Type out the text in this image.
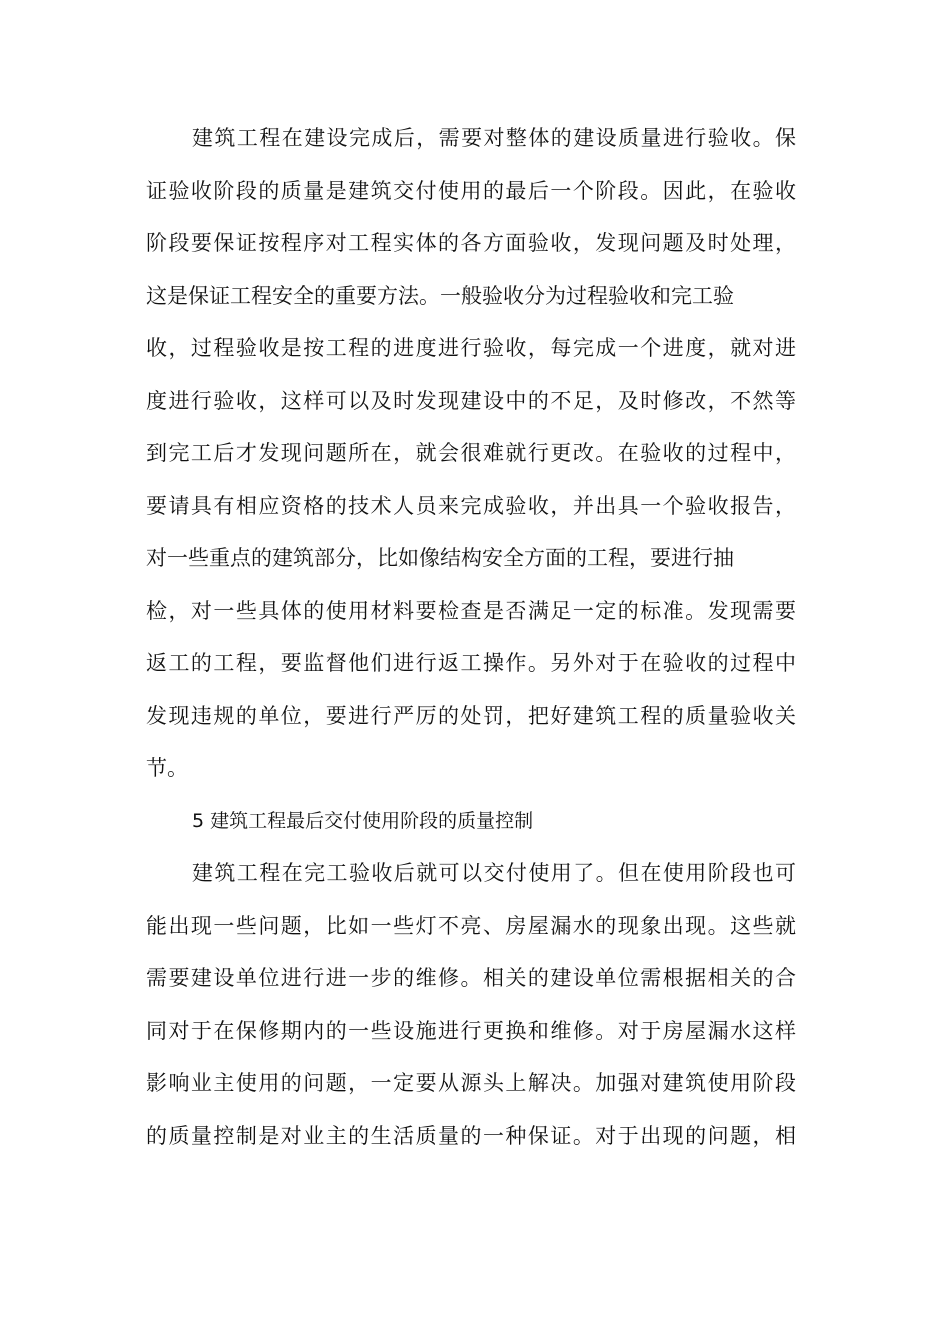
建筑工程在建设完成后，需要对整体的建设质量进行验收。保
证验收阶段的质量是建筑交付使用的最后一个阶段。因此，在验收
阶段要保证按程序对工程实体的各方面验收，发现问题及时处理，
这是保证工程安全的重要方法。一般验收分为过程验收和完工验
收，过程验收是按工程的进度进行验收，每完成一个进度，就对进
度进行验收，这样可以及时发现建设中的不足，及时修改，不然等
到完工后才发现问题所在，就会很难就行更改。在验收的过程中，
要请具有相应资格的技术人员来完成验收，并出具一个验收报告，
对一些重点的建筑部分，比如像结构安全方面的工程，要进行抽
检，对一些具体的使用材料要检查是否满足一定的标准。发现需要
返工的工程，要监督他们进行返工操作。另外对于在验收的过程中
发现违规的单位，要进行严厉的处罚，把好建筑工程的质量验收关
节。
5 建筑工程最后交付使用阶段的质量控制
建筑工程在完工验收后就可以交付使用了。但在使用阶段也可
能出现一些问题，比如一些灯不亮、房屋漏水的现象出现。这些就
需要建设单位进行进一步的维修。相关的建设单位需根据相关的合
同对于在保修期内的一些设施进行更换和维修。对于房屋漏水这样
影响业主使用的问题，一定要从源头上解决。加强对建筑使用阶段
的质量控制是对业主的生活质量的一种保证。对于出现的问题，相
